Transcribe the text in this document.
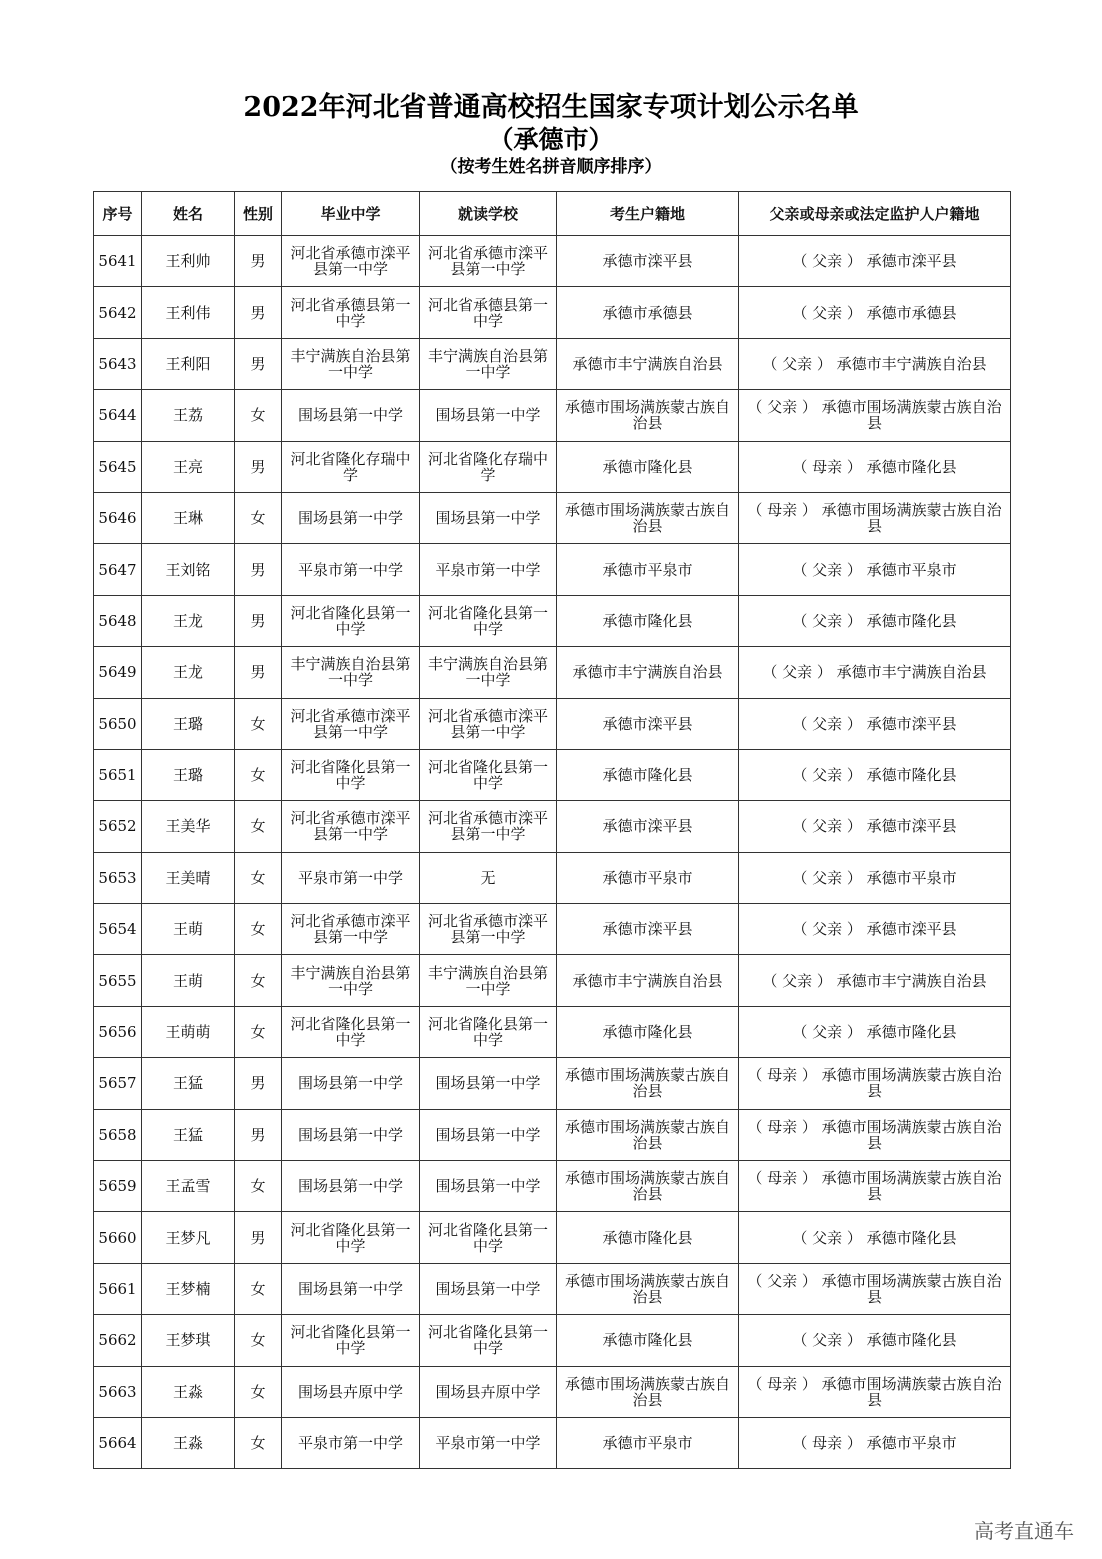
2022年河北省普通高校招生国家专项计划公示名单
（承德市）
（按考生姓名拼音顺序排序）
序号	姓名	性别	毕业中学	就读学校	考生户籍地	父亲或母亲或法定监护人户籍地
5641	王利帅	男	河北省承德市滦平县第一中学	河北省承德市滦平县第一中学	承德市滦平县	（ 父亲 ） 承德市滦平县
5642	王利伟	男	河北省承德县第一中学	河北省承德县第一中学	承德市承德县	（ 父亲 ） 承德市承德县
5643	王利阳	男	丰宁满族自治县第一中学	丰宁满族自治县第一中学	承德市丰宁满族自治县	（ 父亲 ） 承德市丰宁满族自治县
5644	王荔	女	围场县第一中学	围场县第一中学	承德市围场满族蒙古族自治县	（ 父亲 ） 承德市围场满族蒙古族自治县
5645	王亮	男	河北省隆化存瑞中学	河北省隆化存瑞中学	承德市隆化县	（ 母亲 ） 承德市隆化县
5646	王琳	女	围场县第一中学	围场县第一中学	承德市围场满族蒙古族自治县	（ 母亲 ） 承德市围场满族蒙古族自治县
5647	王刘铭	男	平泉市第一中学	平泉市第一中学	承德市平泉市	（ 父亲 ） 承德市平泉市
5648	王龙	男	河北省隆化县第一中学	河北省隆化县第一中学	承德市隆化县	（ 父亲 ） 承德市隆化县
5649	王龙	男	丰宁满族自治县第一中学	丰宁满族自治县第一中学	承德市丰宁满族自治县	（ 父亲 ） 承德市丰宁满族自治县
5650	王璐	女	河北省承德市滦平县第一中学	河北省承德市滦平县第一中学	承德市滦平县	（ 父亲 ） 承德市滦平县
5651	王璐	女	河北省隆化县第一中学	河北省隆化县第一中学	承德市隆化县	（ 父亲 ） 承德市隆化县
5652	王美华	女	河北省承德市滦平县第一中学	河北省承德市滦平县第一中学	承德市滦平县	（ 父亲 ） 承德市滦平县
5653	王美晴	女	平泉市第一中学	无	承德市平泉市	（ 父亲 ） 承德市平泉市
5654	王萌	女	河北省承德市滦平县第一中学	河北省承德市滦平县第一中学	承德市滦平县	（ 父亲 ） 承德市滦平县
5655	王萌	女	丰宁满族自治县第一中学	丰宁满族自治县第一中学	承德市丰宁满族自治县	（ 父亲 ） 承德市丰宁满族自治县
5656	王萌萌	女	河北省隆化县第一中学	河北省隆化县第一中学	承德市隆化县	（ 父亲 ） 承德市隆化县
5657	王猛	男	围场县第一中学	围场县第一中学	承德市围场满族蒙古族自治县	（ 母亲 ） 承德市围场满族蒙古族自治县
5658	王猛	男	围场县第一中学	围场县第一中学	承德市围场满族蒙古族自治县	（ 母亲 ） 承德市围场满族蒙古族自治县
5659	王孟雪	女	围场县第一中学	围场县第一中学	承德市围场满族蒙古族自治县	（ 母亲 ） 承德市围场满族蒙古族自治县
5660	王梦凡	男	河北省隆化县第一中学	河北省隆化县第一中学	承德市隆化县	（ 父亲 ） 承德市隆化县
5661	王梦楠	女	围场县第一中学	围场县第一中学	承德市围场满族蒙古族自治县	（ 父亲 ） 承德市围场满族蒙古族自治县
5662	王梦琪	女	河北省隆化县第一中学	河北省隆化县第一中学	承德市隆化县	（ 父亲 ） 承德市隆化县
5663	王淼	女	围场县卉原中学	围场县卉原中学	承德市围场满族蒙古族自治县	（ 母亲 ） 承德市围场满族蒙古族自治县
5664	王淼	女	平泉市第一中学	平泉市第一中学	承德市平泉市	（ 母亲 ） 承德市平泉市
高考直通车
